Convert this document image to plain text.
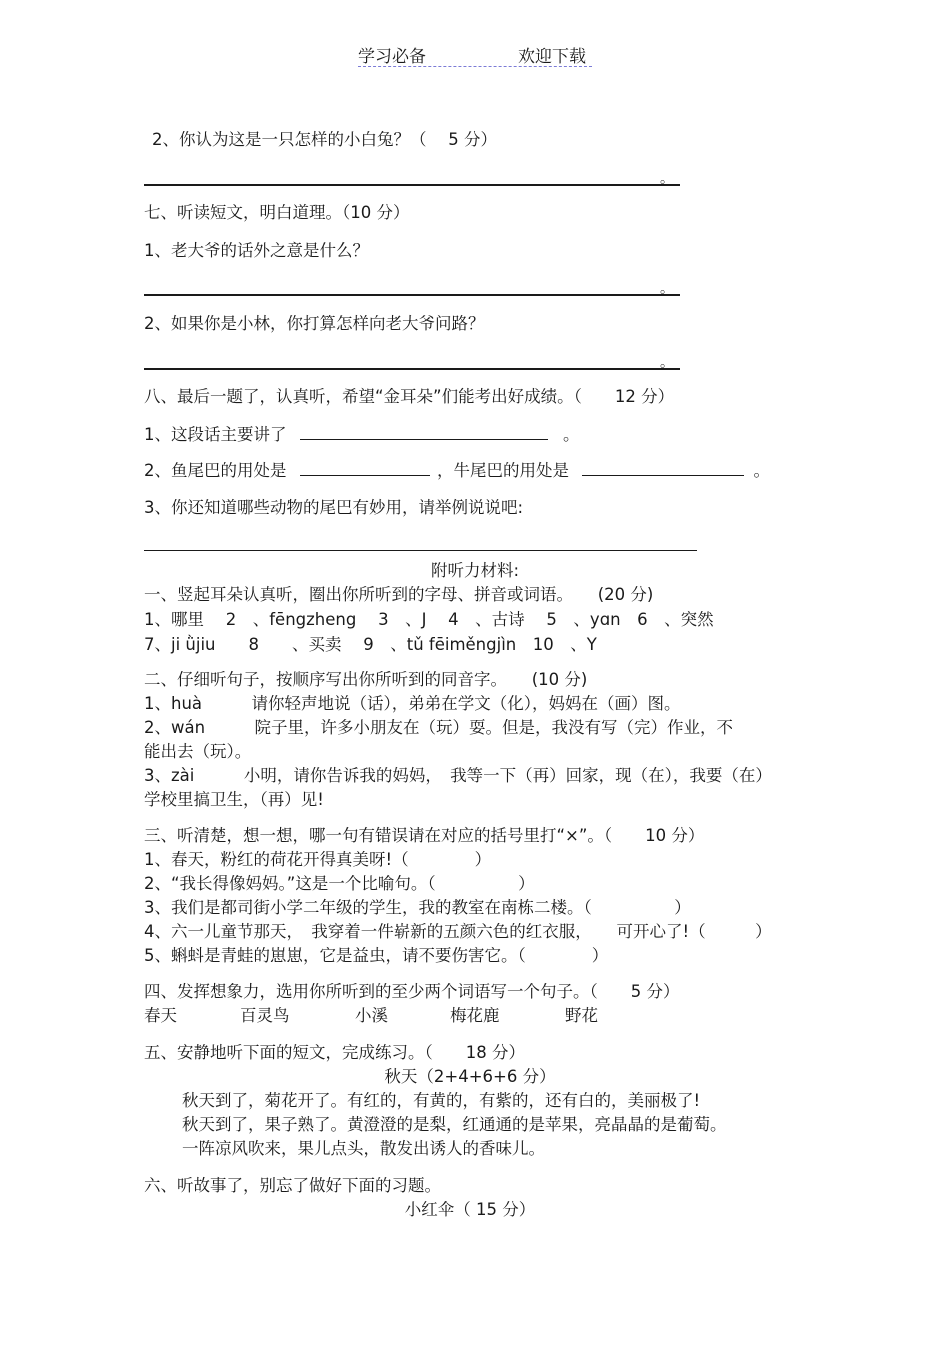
学习必备	欢迎下载
2、你认为这是一只怎样的小白兔？（　 5 分）
。
七、听读短文，明白道理。（10 分）
1、老大爷的话外之意是什么？
。
2、如果你是小林，你打算怎样向老大爷问路？
。
八、最后一题了，认真听，希望“金耳朵”们能考出好成绩。（　　12 分）
1、这段话主要讲了	。
2、鱼尾巴的用处是	，牛尾巴的用处是	。
3、你还知道哪些动物的尾巴有妙用，请举例说说吧:
附听力材料:
一、竖起耳朵认真听，圈出你所听到的字母、拼音或词语。　　(20 分)
1、哪里　 2　、fēngzheng　 3　、J　 4　、古诗　 5　、yɑn　6　、突然
7、ji ǜjiu　　8　　、买卖　 9　、tǔ fēiměngjìn　10　、Y
二、仔细听句子，按顺序写出你所听到的同音字。　　(10 分)
1、huà　　　请你轻声地说（话），弟弟在学文（化），妈妈在（画）图。
2、wán　　　院子里，许多小朋友在（玩）耍。但是，我没有写（完）作业，不
能出去（玩）。
3、zài　　　小明，请你告诉我的妈妈，　我等一下（再）回家，现（在），我要（在）
学校里搞卫生，（再）见!
三、听清楚，想一想，哪一句有错误请在对应的括号里打“×”。（　　10 分）
1、春天，粉红的荷花开得真美呀!（　　　　）
2、“我长得像妈妈。”这是一个比喻句。（　　　　　）
3、我们是都司街小学二年级的学生，我的教室在南栋二楼。（　　　　　）
4、六一儿童节那天，　我穿着一件崭新的五颜六色的红衣服，　　可开心了!（　　　）
5、蝌蚪是青蛙的崽崽，它是益虫，请不要伤害它。（　　　　）
四、发挥想象力，选用你所听到的至少两个词语写一个句子。（　　5 分）
春天	百灵鸟	小溪	梅花鹿	野花
五、安静地听下面的短文，完成练习。（　　18 分）
秋天（2+4+6+6 分）
秋天到了，菊花开了。有红的，有黄的，有紫的，还有白的，美丽极了!
秋天到了，果子熟了。黄澄澄的是梨，红通通的是苹果，亮晶晶的是葡萄。
一阵凉风吹来，果儿点头，散发出诱人的香味儿。
六、听故事了，别忘了做好下面的习题。
小红伞（ 15 分）
